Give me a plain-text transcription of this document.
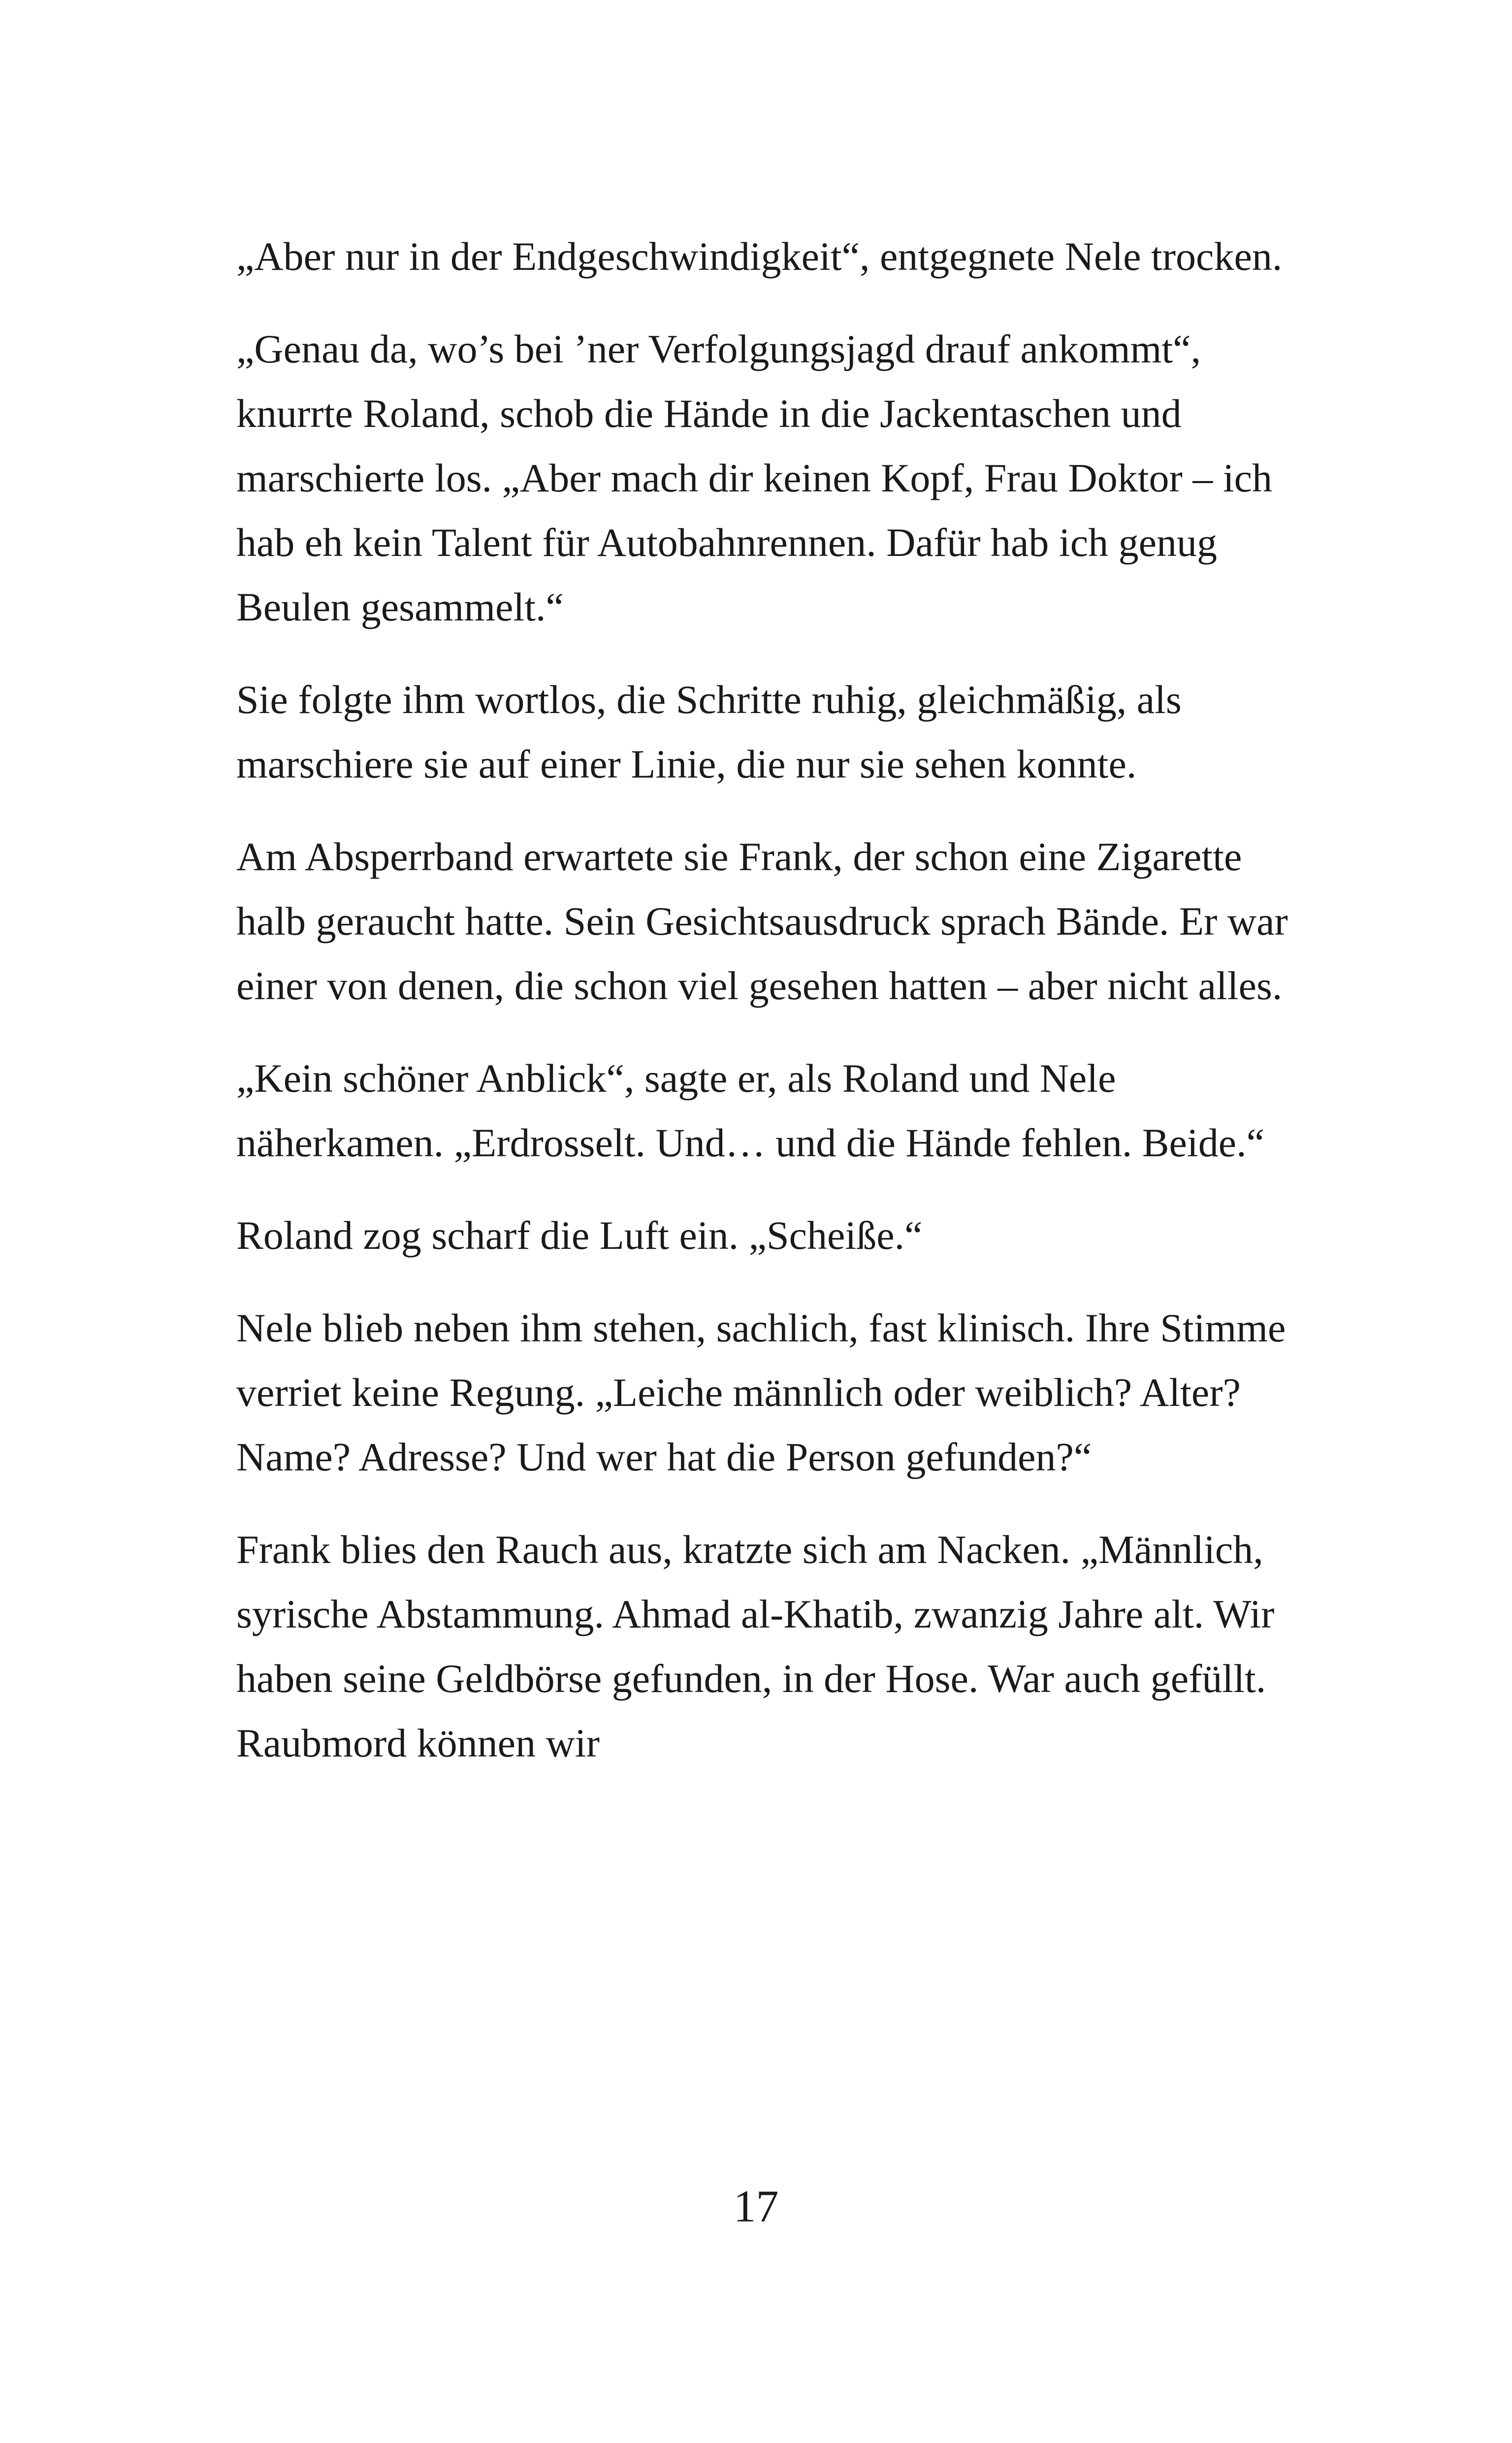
„Aber nur in der Endgeschwindigkeit“, entgegnete Nele trocken.

„Genau da, wo’s bei ’ner Verfolgungsjagd drauf ankommt“, knurrte Roland, schob die Hände in die Jackentaschen und marschierte los. „Aber mach dir keinen Kopf, Frau Doktor – ich hab eh kein Talent für Autobahnrennen. Dafür hab ich genug Beulen gesammelt.“

Sie folgte ihm wortlos, die Schritte ruhig, gleichmäßig, als marschiere sie auf einer Linie, die nur sie sehen konnte.

Am Absperrband erwartete sie Frank, der schon eine Zigarette halb geraucht hatte. Sein Gesichtsausdruck sprach Bände. Er war einer von denen, die schon viel gesehen hatten – aber nicht alles.

„Kein schöner Anblick“, sagte er, als Roland und Nele näherkamen. „Erdrosselt. Und… und die Hände fehlen. Beide.“

Roland zog scharf die Luft ein. „Scheiße.“

Nele blieb neben ihm stehen, sachlich, fast klinisch. Ihre Stimme verriet keine Regung. „Leiche männlich oder weiblich? Alter? Name? Adresse? Und wer hat die Person gefunden?“

Frank blies den Rauch aus, kratzte sich am Nacken. „Männlich, syrische Abstammung. Ahmad al-Khatib, zwanzig Jahre alt. Wir haben seine Geldbörse gefunden, in der Hose. War auch gefüllt. Raubmord können wir

17
